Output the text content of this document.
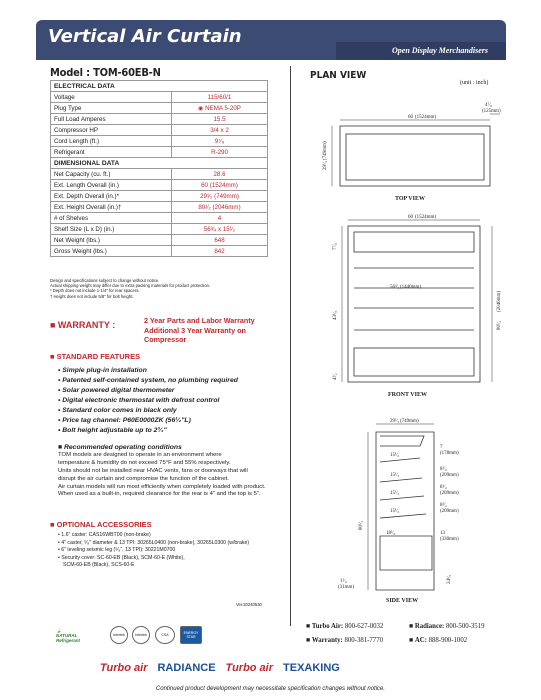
Vertical Air Curtain
Open Display Merchandisers
Model : TOM-60EB-N
ELECTRICAL DATA	
Voltage	115/60/1
Plug Type	◉ NEMA 5-20P
Full Load Amperes	15.5
Compressor HP	3/4 x 2
Cord Length (ft.)	9⁷⁄₈
Refrigerant	R-290
DIMENSIONAL DATA	
Net Capacity (cu. ft.)	28.6
Ext. Length Overall (in.)	60 (1524mm)
Ext. Depth Overall (in.)*	29¹⁄₂ (749mm)
Ext. Height Overall (in.)†	80¹⁄₂ (2046mm)
# of Shelves	4
Shelf Size (L x D) (in.)	56³⁄₄ x 15¹⁄₂
Net Weight (lbs.)	648
Gross Weight (lbs.)	842
Design and specifications subject to change without notice.
Actual shipping weight may differ due to extra packing materials for product protection.
* Depth does not include 1-1/4" for rear spacers.
† Height does not include 5/8" for bolt height.
■ WARRANTY :	2 Year Parts and Labor Warranty
Additional 3 Year Warranty on Compressor
■ STANDARD FEATURES
• Simple plug-in installation
• Patented self-contained system, no plumbing required
• Solar powered digital thermometer
• Digital electronic thermostat with defrost control
• Standard color comes in black only
• Price tag channel: P60E0000ZK (56¹⁄₂"L)
• Bolt height adjustable up to 2³⁄₄"
■ Recommended operating conditions
TOM models are designed to operate in an environment where
temperature & humidity do not exceed 75°F and 55% respectively.
Units should not be installed near HVAC vents, fans or doorways that will
disrupt the air curtain and compromise the function of the cabinet.
Air curtain models will run most efficiently when completely loaded with product.
When used as a built-in, required clearance for the rear is 4" and the top is 5".
■ OPTIONAL ACCESSORIES
• 1.6" caster: CAS16WBT00 (non-brake)
• 4" caster, ⁵⁄₈" diameter & 13 TPI: 30265L0400 (non-brake), 30265L0300 (w/brake)
• 6" leveling seismic leg (⁵⁄₈", 13 TPI): 30221M0700
• Security cover: SC-60-EB (Black), SCM-60-E (White),
SCM-60-EB (Black), SCS-60-E
Ver.20240530
🍃
NATURAL Refrigerant
Intertek	Intertek	CSA	ENERGY STAR
PLAN VIEW
(unit : inch)
60 (1524mm)
4⁷⁄₈
(125mm)
29¹⁄₂
(749mm)
TOP VIEW
60 (1524mm)
56³⁄₄ (1440mm)
7⁷⁄₈
43¹⁄₈
4¹⁄₂
80¹⁄₂
(2046mm)
FRONT VIEW
29¹⁄₂ (749mm)
15¹⁄₂
15¹⁄₂
15¹⁄₂
15¹⁄₂
18¹⁄₈
7
(178mm)
8¹⁄₄
(209mm)
8¹⁄₄
(209mm)
8¹⁄₄
(209mm)
13
(330mm)
24¹⁄₈
80¹⁄₂
1¹⁄₄
(31mm)
SIDE VIEW
■ Turbo Air: 800-627-0032	■ Radiance: 800-500-3519
■ Warranty: 800-381-7770	■ AC: 888-900-1002
Turbo air RADIANCE Turbo air TEXAKING
Continued product development may necessitate specification changes without notice.
